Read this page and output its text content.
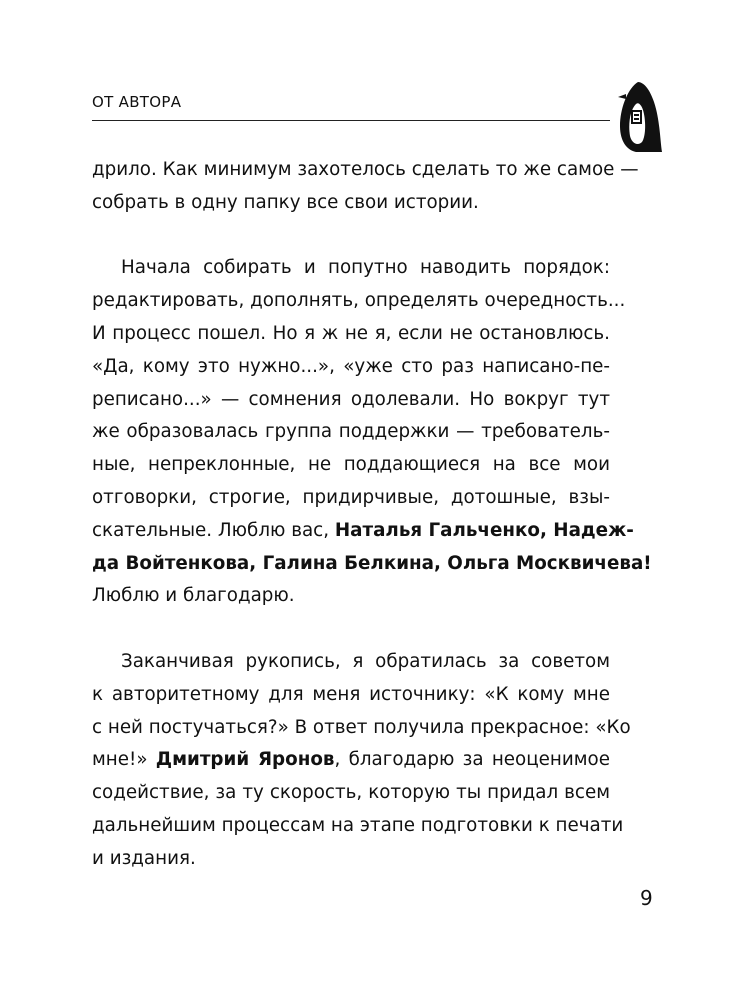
ОТ АВТОРА

дрило. Как минимум захотелось сделать то же самое —
собрать в одну папку все свои истории.

Начала собирать и попутно наводить порядок:
редактировать, дополнять, определять очередность...
И процесс пошел. Но я ж не я, если не остановлюсь.
«Да, кому это нужно...», «уже сто раз написано-пе-
реписано...» — сомнения одолевали. Но вокруг тут
же образовалась группа поддержки — требователь-
ные, непреклонные, не поддающиеся на все мои
отговорки, строгие, придирчивые, дотошные, взы-
скательные. Люблю вас, Наталья Гальченко, Надеж-
да Войтенкова, Галина Белкина, Ольга Москвичева!
Люблю и благодарю.

Заканчивая рукопись, я обратилась за советом
к авторитетному для меня источнику: «К кому мне
с ней постучаться?» В ответ получила прекрасное: «Ко
мне!» Дмитрий Яронов, благодарю за неоценимое
содействие, за ту скорость, которую ты придал всем
дальнейшим процессам на этапе подготовки к печати
и издания.

9
